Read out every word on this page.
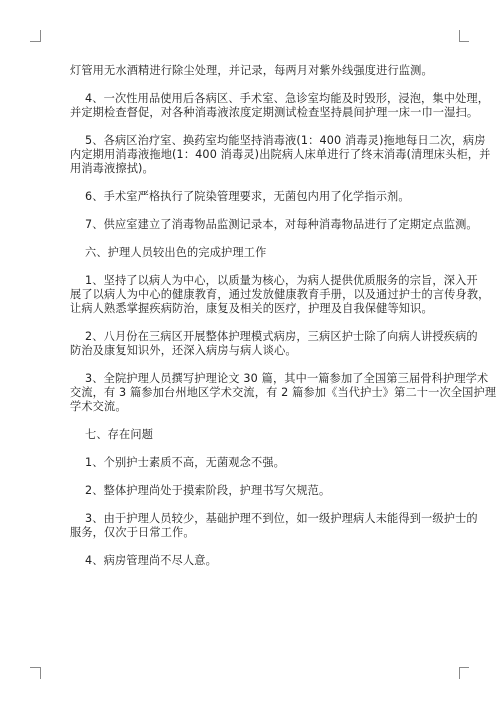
灯管用无水酒精进行除尘处理，并记录，每两月对紫外线强度进行监测。
4、一次性用品使用后各病区、手术室、急诊室均能及时毁形，浸泡，集中处理，
并定期检查督促，对各种消毒液浓度定期测试检查坚持晨间护理一床一巾一湿扫。
5、各病区治疗室、换药室均能坚持消毒液(1：400 消毒灵)拖地每日二次，病房
内定期用消毒液拖地(1：400 消毒灵)出院病人床单进行了终末消毒(清理床头柜，并
用消毒液擦拭)。
6、手术室严格执行了院染管理要求，无菌包内用了化学指示剂。
7、供应室建立了消毒物品监测记录本，对每种消毒物品进行了定期定点监测。
六、护理人员较出色的完成护理工作
1、坚持了以病人为中心，以质量为核心，为病人提供优质服务的宗旨，深入开
展了以病人为中心的健康教育，通过发放健康教育手册，以及通过护士的言传身教，
让病人熟悉掌握疾病防治，康复及相关的医疗，护理及自我保健等知识。
2、八月份在三病区开展整体护理模式病房，三病区护士除了向病人讲授疾病的
防治及康复知识外，还深入病房与病人谈心。
3、全院护理人员撰写护理论文 30 篇，其中一篇参加了全国第三届骨科护理学术
交流，有 3 篇参加台州地区学术交流，有 2 篇参加《当代护士》第二十一次全国护理
学术交流。
七、存在问题
1、个别护士素质不高，无菌观念不强。
2、整体护理尚处于摸索阶段，护理书写欠规范。
3、由于护理人员较少，基础护理不到位，如一级护理病人未能得到一级护士的
服务，仅次于日常工作。
4、病房管理尚不尽人意。
